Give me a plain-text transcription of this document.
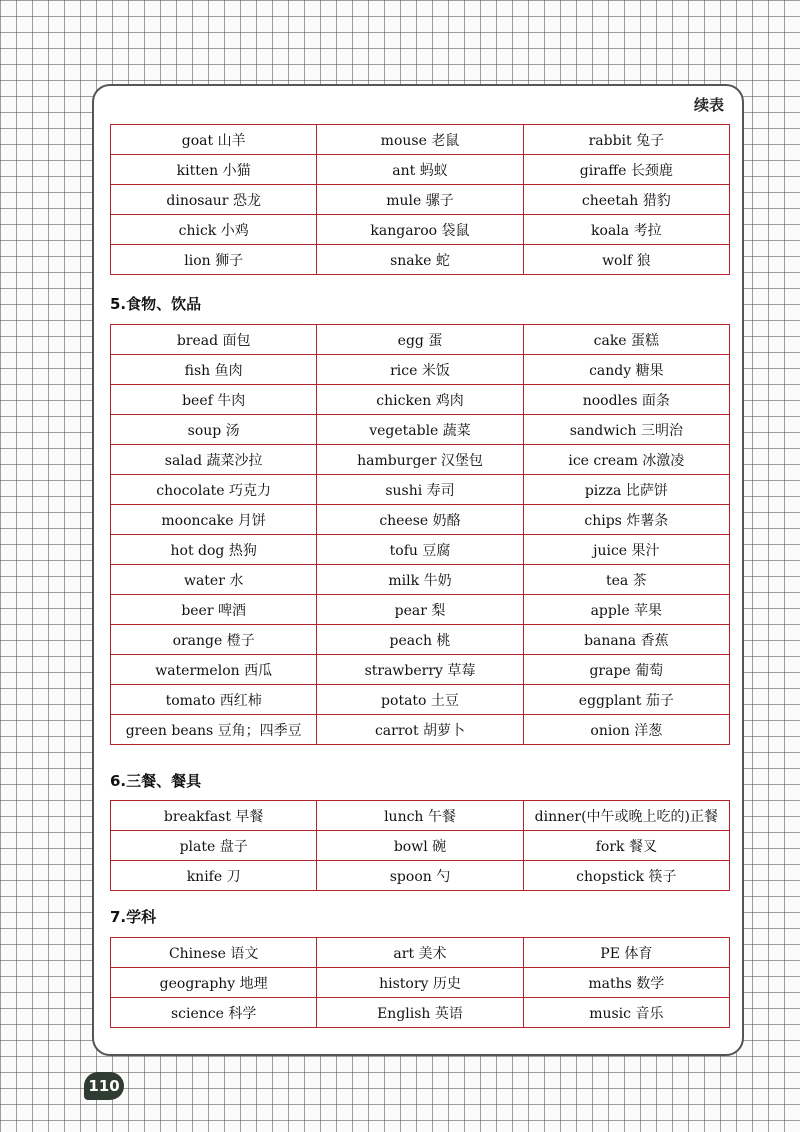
续表
goat 山羊	mouse 老鼠	rabbit 兔子
kitten 小猫	ant 蚂蚁	giraffe 长颈鹿
dinosaur 恐龙	mule 骡子	cheetah 猎豹
chick 小鸡	kangaroo 袋鼠	koala 考拉
lion 狮子	snake 蛇	wolf 狼
5.食物、饮品
bread 面包	egg 蛋	cake 蛋糕
fish 鱼肉	rice 米饭	candy 糖果
beef 牛肉	chicken 鸡肉	noodles 面条
soup 汤	vegetable 蔬菜	sandwich 三明治
salad 蔬菜沙拉	hamburger 汉堡包	ice cream 冰激凌
chocolate 巧克力	sushi 寿司	pizza 比萨饼
mooncake 月饼	cheese 奶酪	chips 炸薯条
hot dog 热狗	tofu 豆腐	juice 果汁
water 水	milk 牛奶	tea 茶
beer 啤酒	pear 梨	apple 苹果
orange 橙子	peach 桃	banana 香蕉
watermelon 西瓜	strawberry 草莓	grape 葡萄
tomato 西红柿	potato 土豆	eggplant 茄子
green beans 豆角；四季豆	carrot 胡萝卜	onion 洋葱
6.三餐、餐具
breakfast 早餐	lunch 午餐	dinner(中午或晚上吃的)正餐
plate 盘子	bowl 碗	fork 餐叉
knife 刀	spoon 勺	chopstick 筷子
7.学科
Chinese 语文	art 美术	PE 体育
geography 地理	history 历史	maths 数学
science 科学	English 英语	music 音乐
110
